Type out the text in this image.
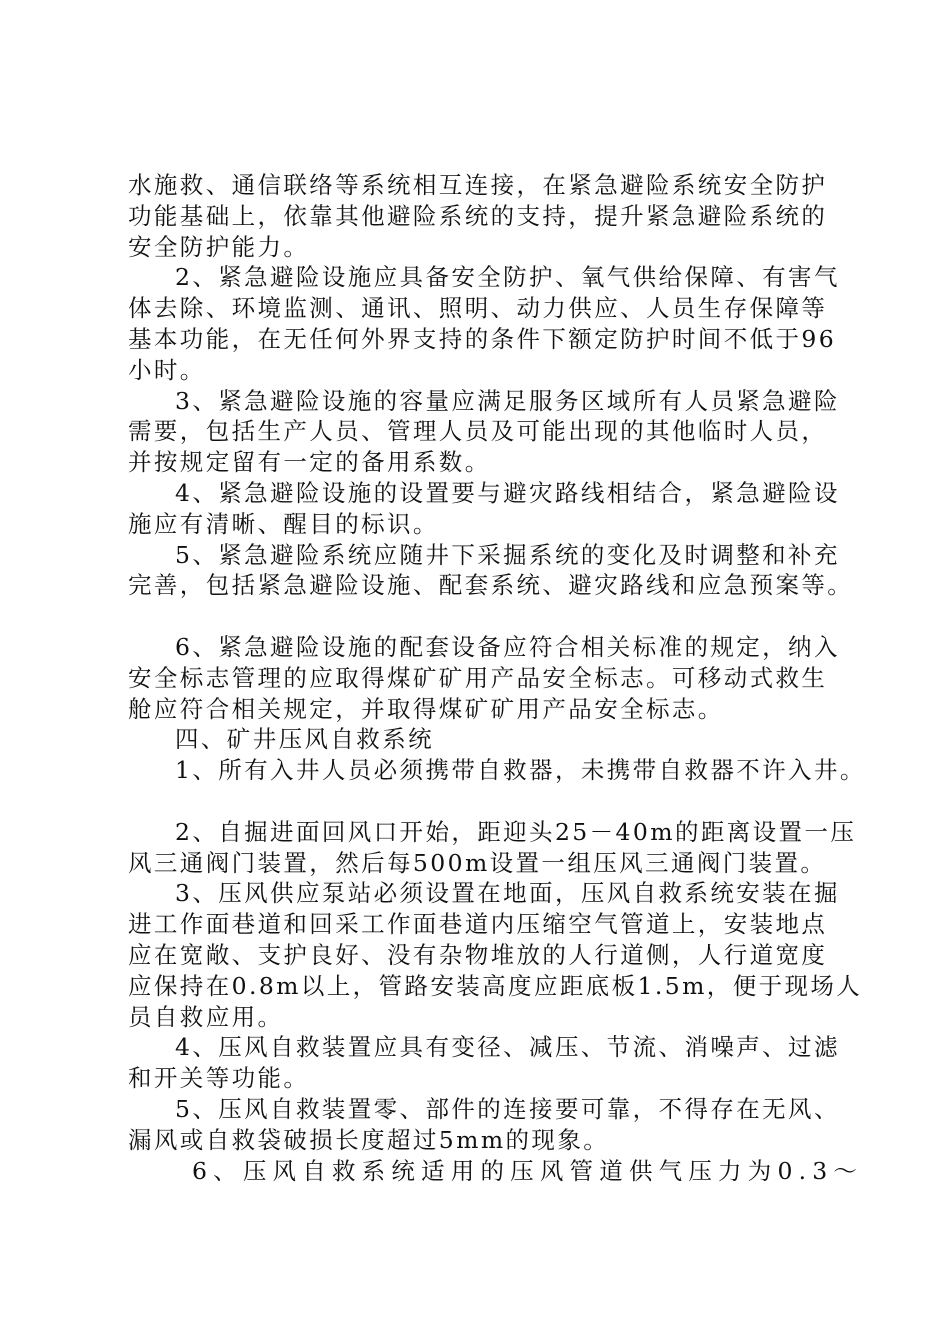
水施救、通信联络等系统相互连接，在紧急避险系统安全防护
功能基础上，依靠其他避险系统的支持，提升紧急避险系统的
安全防护能力。
2、紧急避险设施应具备安全防护、氧气供给保障、有害气
体去除、环境监测、通讯、照明、动力供应、人员生存保障等
基本功能，在无任何外界支持的条件下额定防护时间不低于96
小时。
3、紧急避险设施的容量应满足服务区域所有人员紧急避险
需要，包括生产人员、管理人员及可能出现的其他临时人员，
并按规定留有一定的备用系数。
4、紧急避险设施的设置要与避灾路线相结合，紧急避险设
施应有清晰、醒目的标识。
5、紧急避险系统应随井下采掘系统的变化及时调整和补充
完善，包括紧急避险设施、配套系统、避灾路线和应急预案等。
6、紧急避险设施的配套设备应符合相关标准的规定，纳入
安全标志管理的应取得煤矿矿用产品安全标志。可移动式救生
舱应符合相关规定，并取得煤矿矿用产品安全标志。
四、矿井压风自救系统
1、所有入井人员必须携带自救器，未携带自救器不许入井。
2、自掘进面回风口开始，距迎头25－40m的距离设置一压
风三通阀门装置，然后每500m设置一组压风三通阀门装置。
3、压风供应泵站必须设置在地面，压风自救系统安装在掘
进工作面巷道和回采工作面巷道内压缩空气管道上，安装地点
应在宽敞、支护良好、没有杂物堆放的人行道侧，人行道宽度
应保持在0.8m以上，管路安装高度应距底板1.5m，便于现场人
员自救应用。
4、压风自救装置应具有变径、减压、节流、消噪声、过滤
和开关等功能。
5、压风自救装置零、部件的连接要可靠，不得存在无风、
漏风或自救袋破损长度超过5mm的现象。
6、压风自救系统适用的压风管道供气压力为0.3～
